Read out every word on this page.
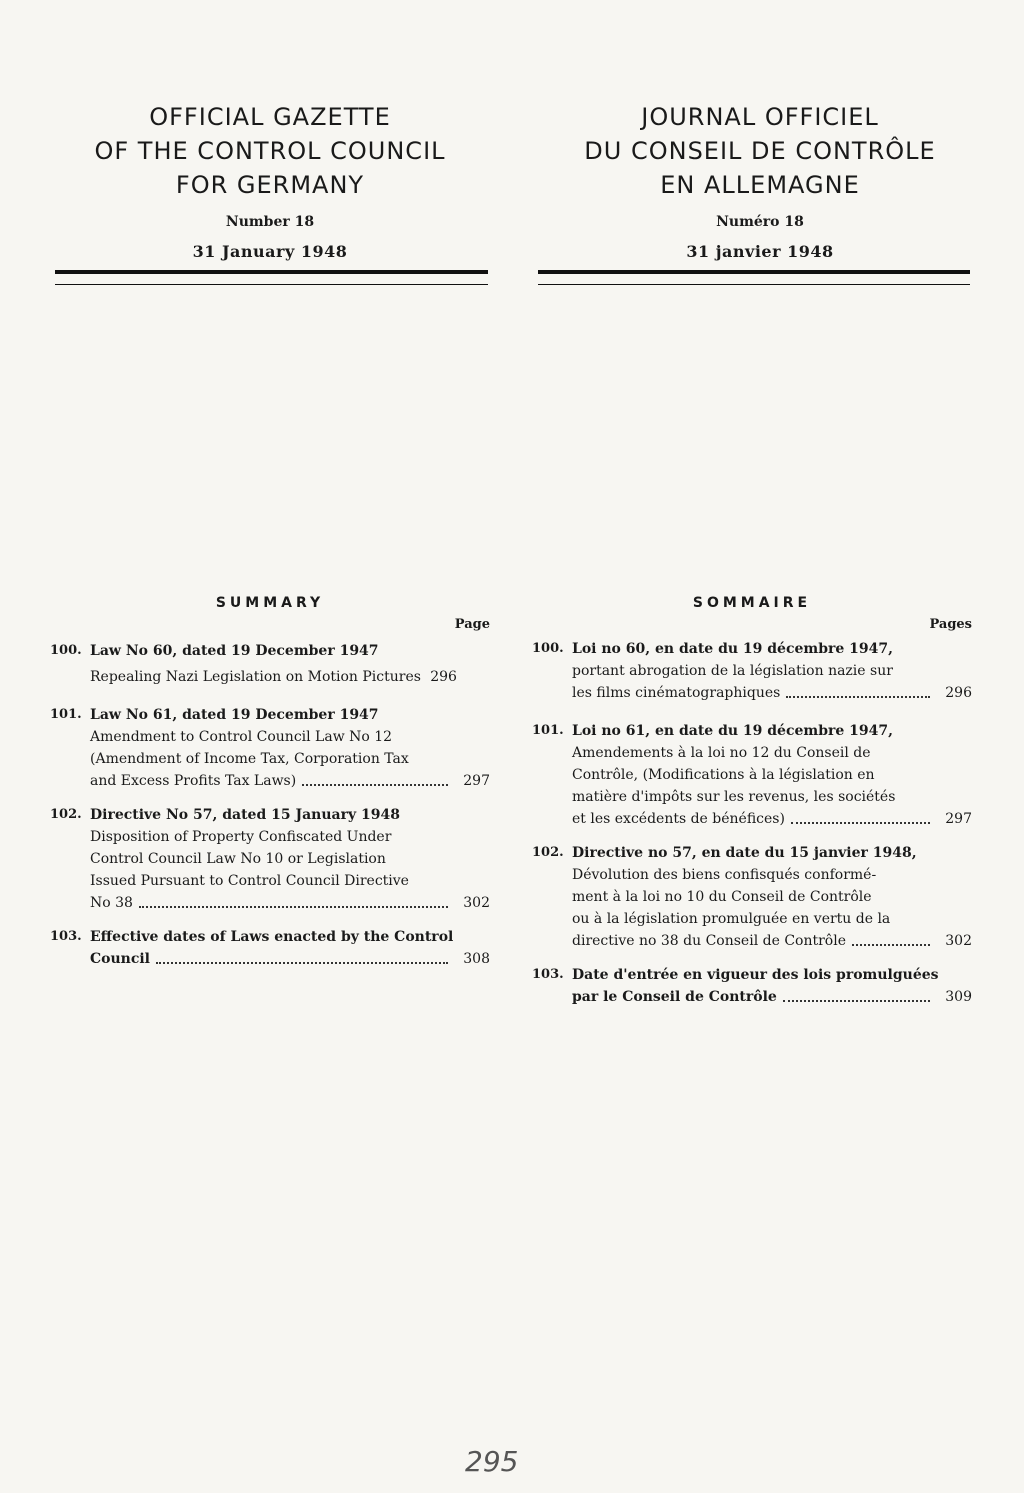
OFFICIAL GAZETTE
OF THE CONTROL COUNCIL
FOR GERMANY
Number 18
31 January 1948
JOURNAL OFFICIEL
DU CONSEIL DE CONTRÔLE
EN ALLEMAGNE
Numéro 18
31 janvier 1948
SUMMARY
Page
100. Law No 60, dated 19 December 1947
Repealing Nazi Legislation on Motion Pictures 296
101. Law No 61, dated 19 December 1947
Amendment to Control Council Law No 12
(Amendment of Income Tax, Corporation Tax
and Excess Profits Tax Laws)	297
102. Directive No 57, dated 15 January 1948
Disposition of Property Confiscated Under
Control Council Law No 10 or Legislation
Issued Pursuant to Control Council Directive
No 38	302
103. Effective dates of Laws enacted by the Control
Council	308
SOMMAIRE
Pages
100. Loi no 60, en date du 19 décembre 1947,
portant abrogation de la législation nazie sur
les films cinématographiques	296
101. Loi no 61, en date du 19 décembre 1947,
Amendements à la loi no 12 du Conseil de
Contrôle, (Modifications à la législation en
matière d'impôts sur les revenus, les sociétés
et les excédents de bénéfices)	297
102. Directive no 57, en date du 15 janvier 1948,
Dévolution des biens confisqués conformé-
ment à la loi no 10 du Conseil de Contrôle
ou à la législation promulguée en vertu de la
directive no 38 du Conseil de Contrôle	302
103. Date d'entrée en vigueur des lois promulguées
par le Conseil de Contrôle	309
295
